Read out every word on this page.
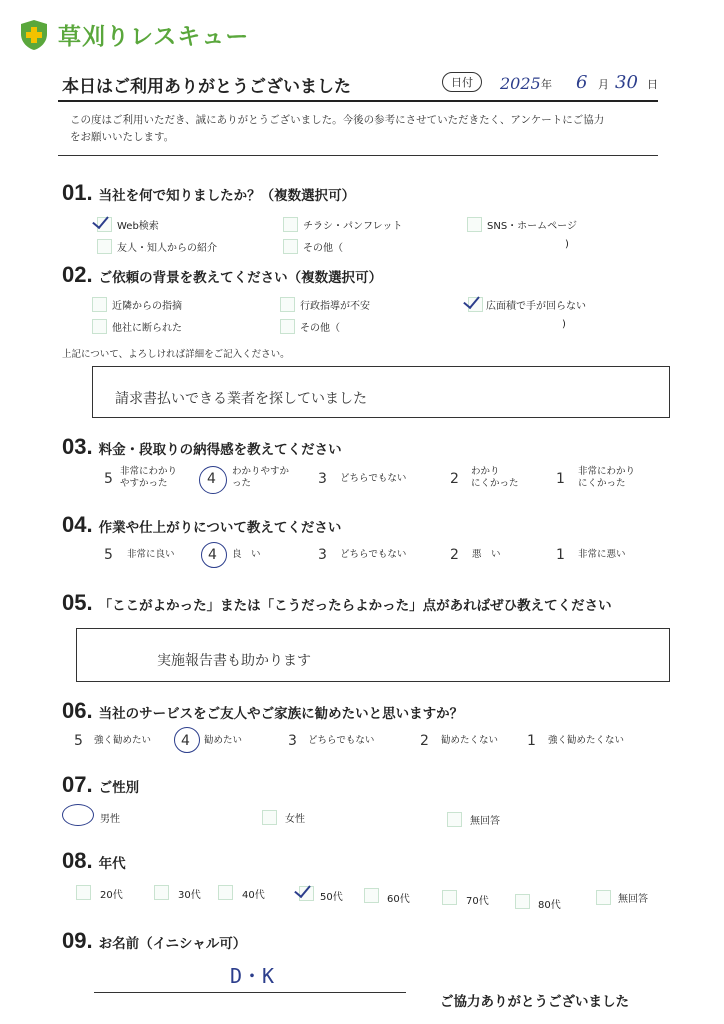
草刈りレスキュー
本日はご利用ありがとうございました	日付	2025 年 6 月 30 日
この度はご利用いただき、誠にありがとうございました。今後の参考にさせていただきたく、アンケートにご協力
をお願いいたします。
01. 当社を何で知りましたか？（複数選択可）
Web検索	チラシ・パンフレット	SNS・ホームページ
友人・知人からの紹介	その他（	)
02. ご依頼の背景を教えてください（複数選択可）
近隣からの指摘	行政指導が不安	広面積で手が回らない
他社に断られた	その他（	)
上記について、よろしければ詳細をご記入ください。
請求書払いできる業者を探していました
03. 料金・段取りの納得感を教えてください
5 非常にわかり
やすかった	4 わかりやすか
った	3 どちらでもない	2 わかり
にくかった	1 非常にわかり
にくかった
04. 作業や仕上がりについて教えてください
5 非常に良い 4 良　い	3 どちらでもない	2 悪　い	1 非常に悪い
05. 「ここがよかった」または「こうだったらよかった」点があればぜひ教えてください
実施報告書も助かります
06. 当社のサービスをご友人やご家族に勧めたいと思いますか？
5 強く勧めたい 4 勧めたい	3 どちらでもない	2 勧めたくない 1 強く勧めたくない
07. ご性別
男性	女性	無回答
08. 年代
20代	30代	40代	50代	60代	70代	80代
無回答
09. お名前（イニシャル可）
D・K
ご協力ありがとうございました
